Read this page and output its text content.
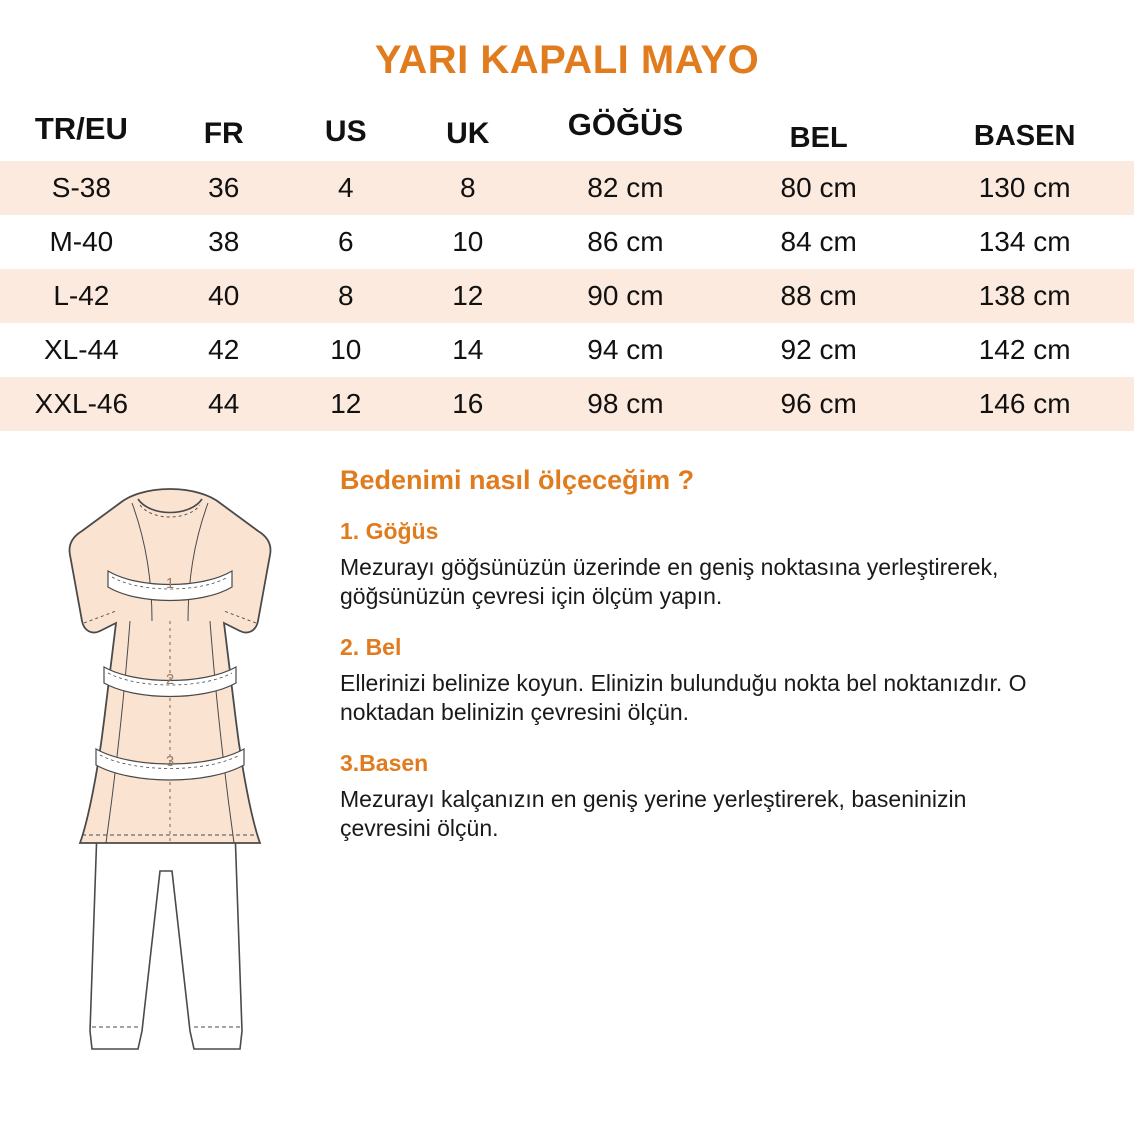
YARI KAPALI MAYO
TR/EU	FR	US	UK	GÖĞÜS	BEL	BASEN
S-38	36	4	8	82 cm	80 cm	130 cm
M-40	38	6	10	86 cm	84 cm	134 cm
L-42	40	8	12	90 cm	88 cm	138 cm
XL-44	42	10	14	94 cm	92 cm	142 cm
XXL-46	44	12	16	98 cm	96 cm	146 cm
1
2
3
Bedenimi nasıl ölçeceğim ?
1. Göğüs

Mezurayı göğsünüzün üzerinde en geniş noktasına yerleştirerek, göğsünüzün çevresi için ölçüm yapın.

2. Bel

Ellerinizi belinize koyun. Elinizin bulunduğu nokta bel noktanızdır. O noktadan belinizin çevresini ölçün.

3.Basen

Mezurayı kalçanızın en geniş yerine yerleştirerek, baseninizin çevresini ölçün.
